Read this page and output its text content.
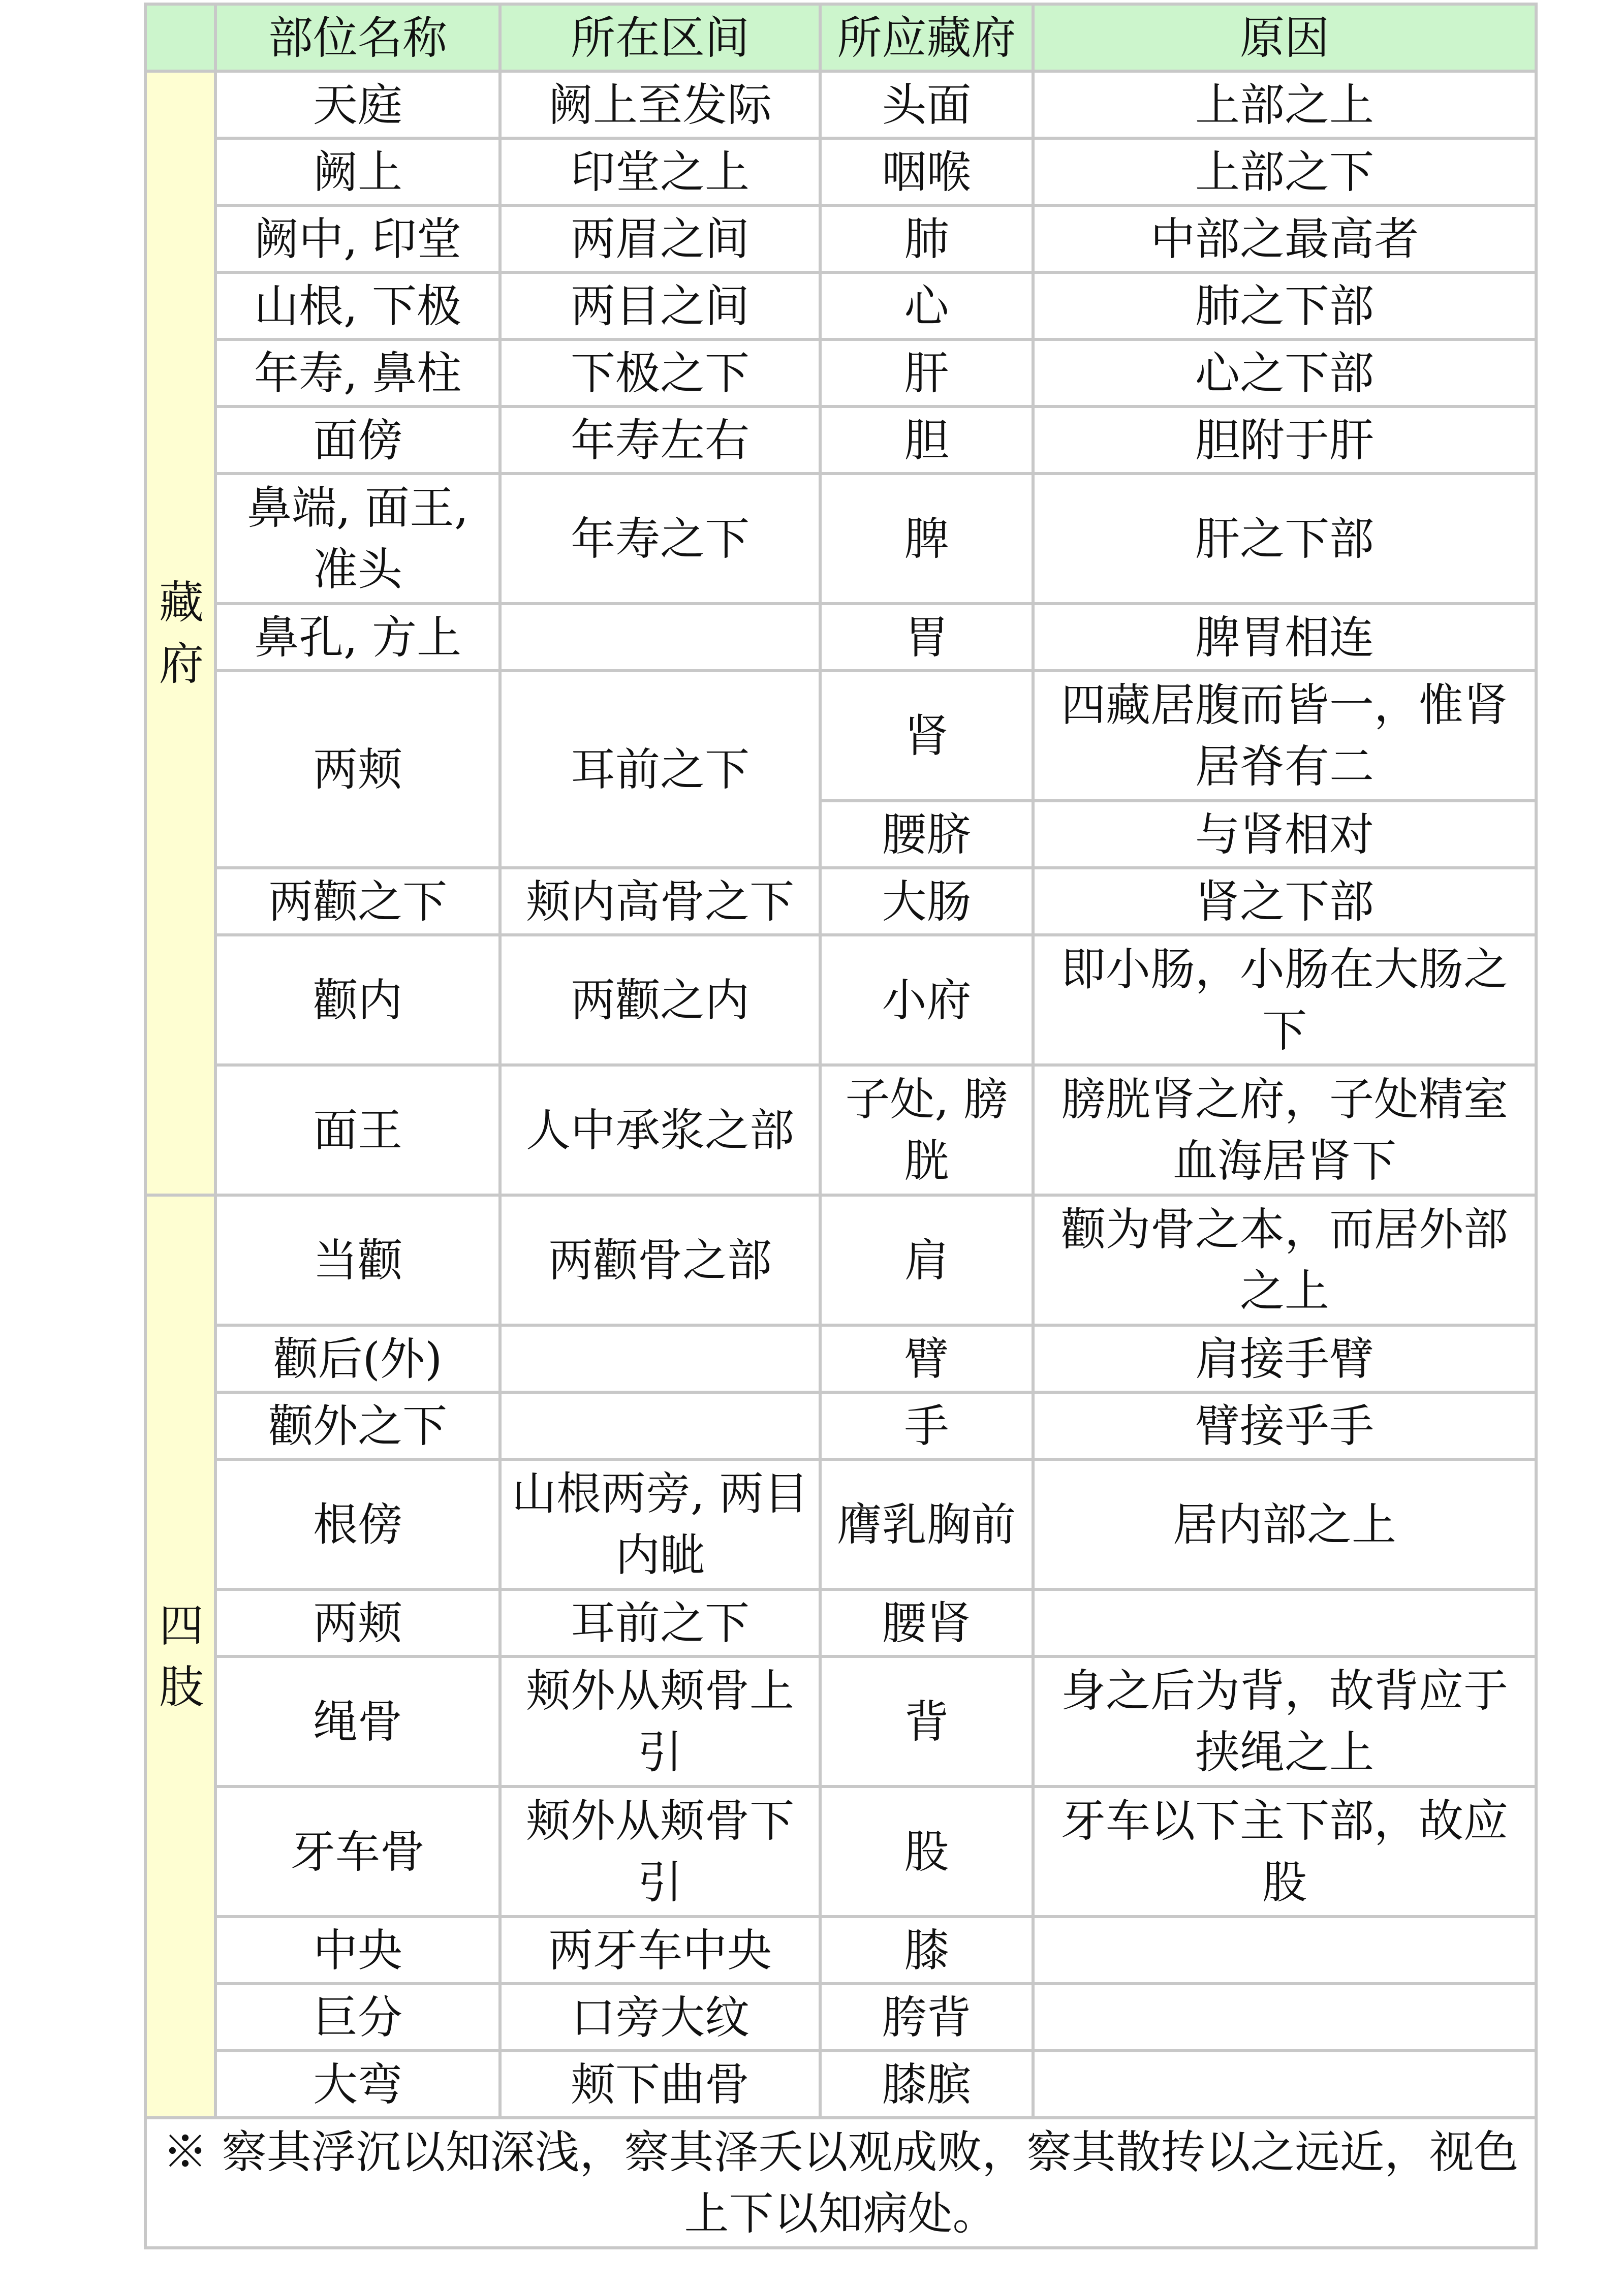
	部位名称	所在区间	所应藏府	原因
藏府	天庭	阙上至发际	头面	上部之上
	阙上	印堂之上	咽喉	上部之下
	阙中, 印堂	两眉之间	肺	中部之最高者
	山根, 下极	两目之间	心	肺之下部
	年寿, 鼻柱	下极之下	肝	心之下部
	面傍	年寿左右	胆	胆附于肝
	鼻端, 面王, 准头	年寿之下	脾	肝之下部
	鼻孔, 方上		胃	脾胃相连
	两颊	耳前之下	肾	四藏居腹而皆一，惟肾居脊有二
			腰脐	与肾相对
	两颧之下	颊内高骨之下	大肠	肾之下部
	颧内	两颧之内	小府	即小肠，小肠在大肠之下
	面王	人中承浆之部	子处, 膀胱	膀胱肾之府，子处精室血海居肾下
四肢	当颧	两颧骨之部	肩	颧为骨之本，而居外部之上
	颧后(外)		臂	肩接手臂
	颧外之下		手	臂接乎手
	根傍	山根两旁, 两目内眦	膺乳胸前	居内部之上
	两颊	耳前之下	腰肾	
	绳骨	颊外从颊骨上引	背	身之后为背，故背应于挟绳之上
	牙车骨	颊外从颊骨下引	股	牙车以下主下部，故应股
	中央	两牙车中央	膝	
	巨分	口旁大纹	胯背	
	大弯	颊下曲骨	膝膑	
※ 察其浮沉以知深浅，察其泽夭以观成败，察其散抟以之远近，视色上下以知病处。				
